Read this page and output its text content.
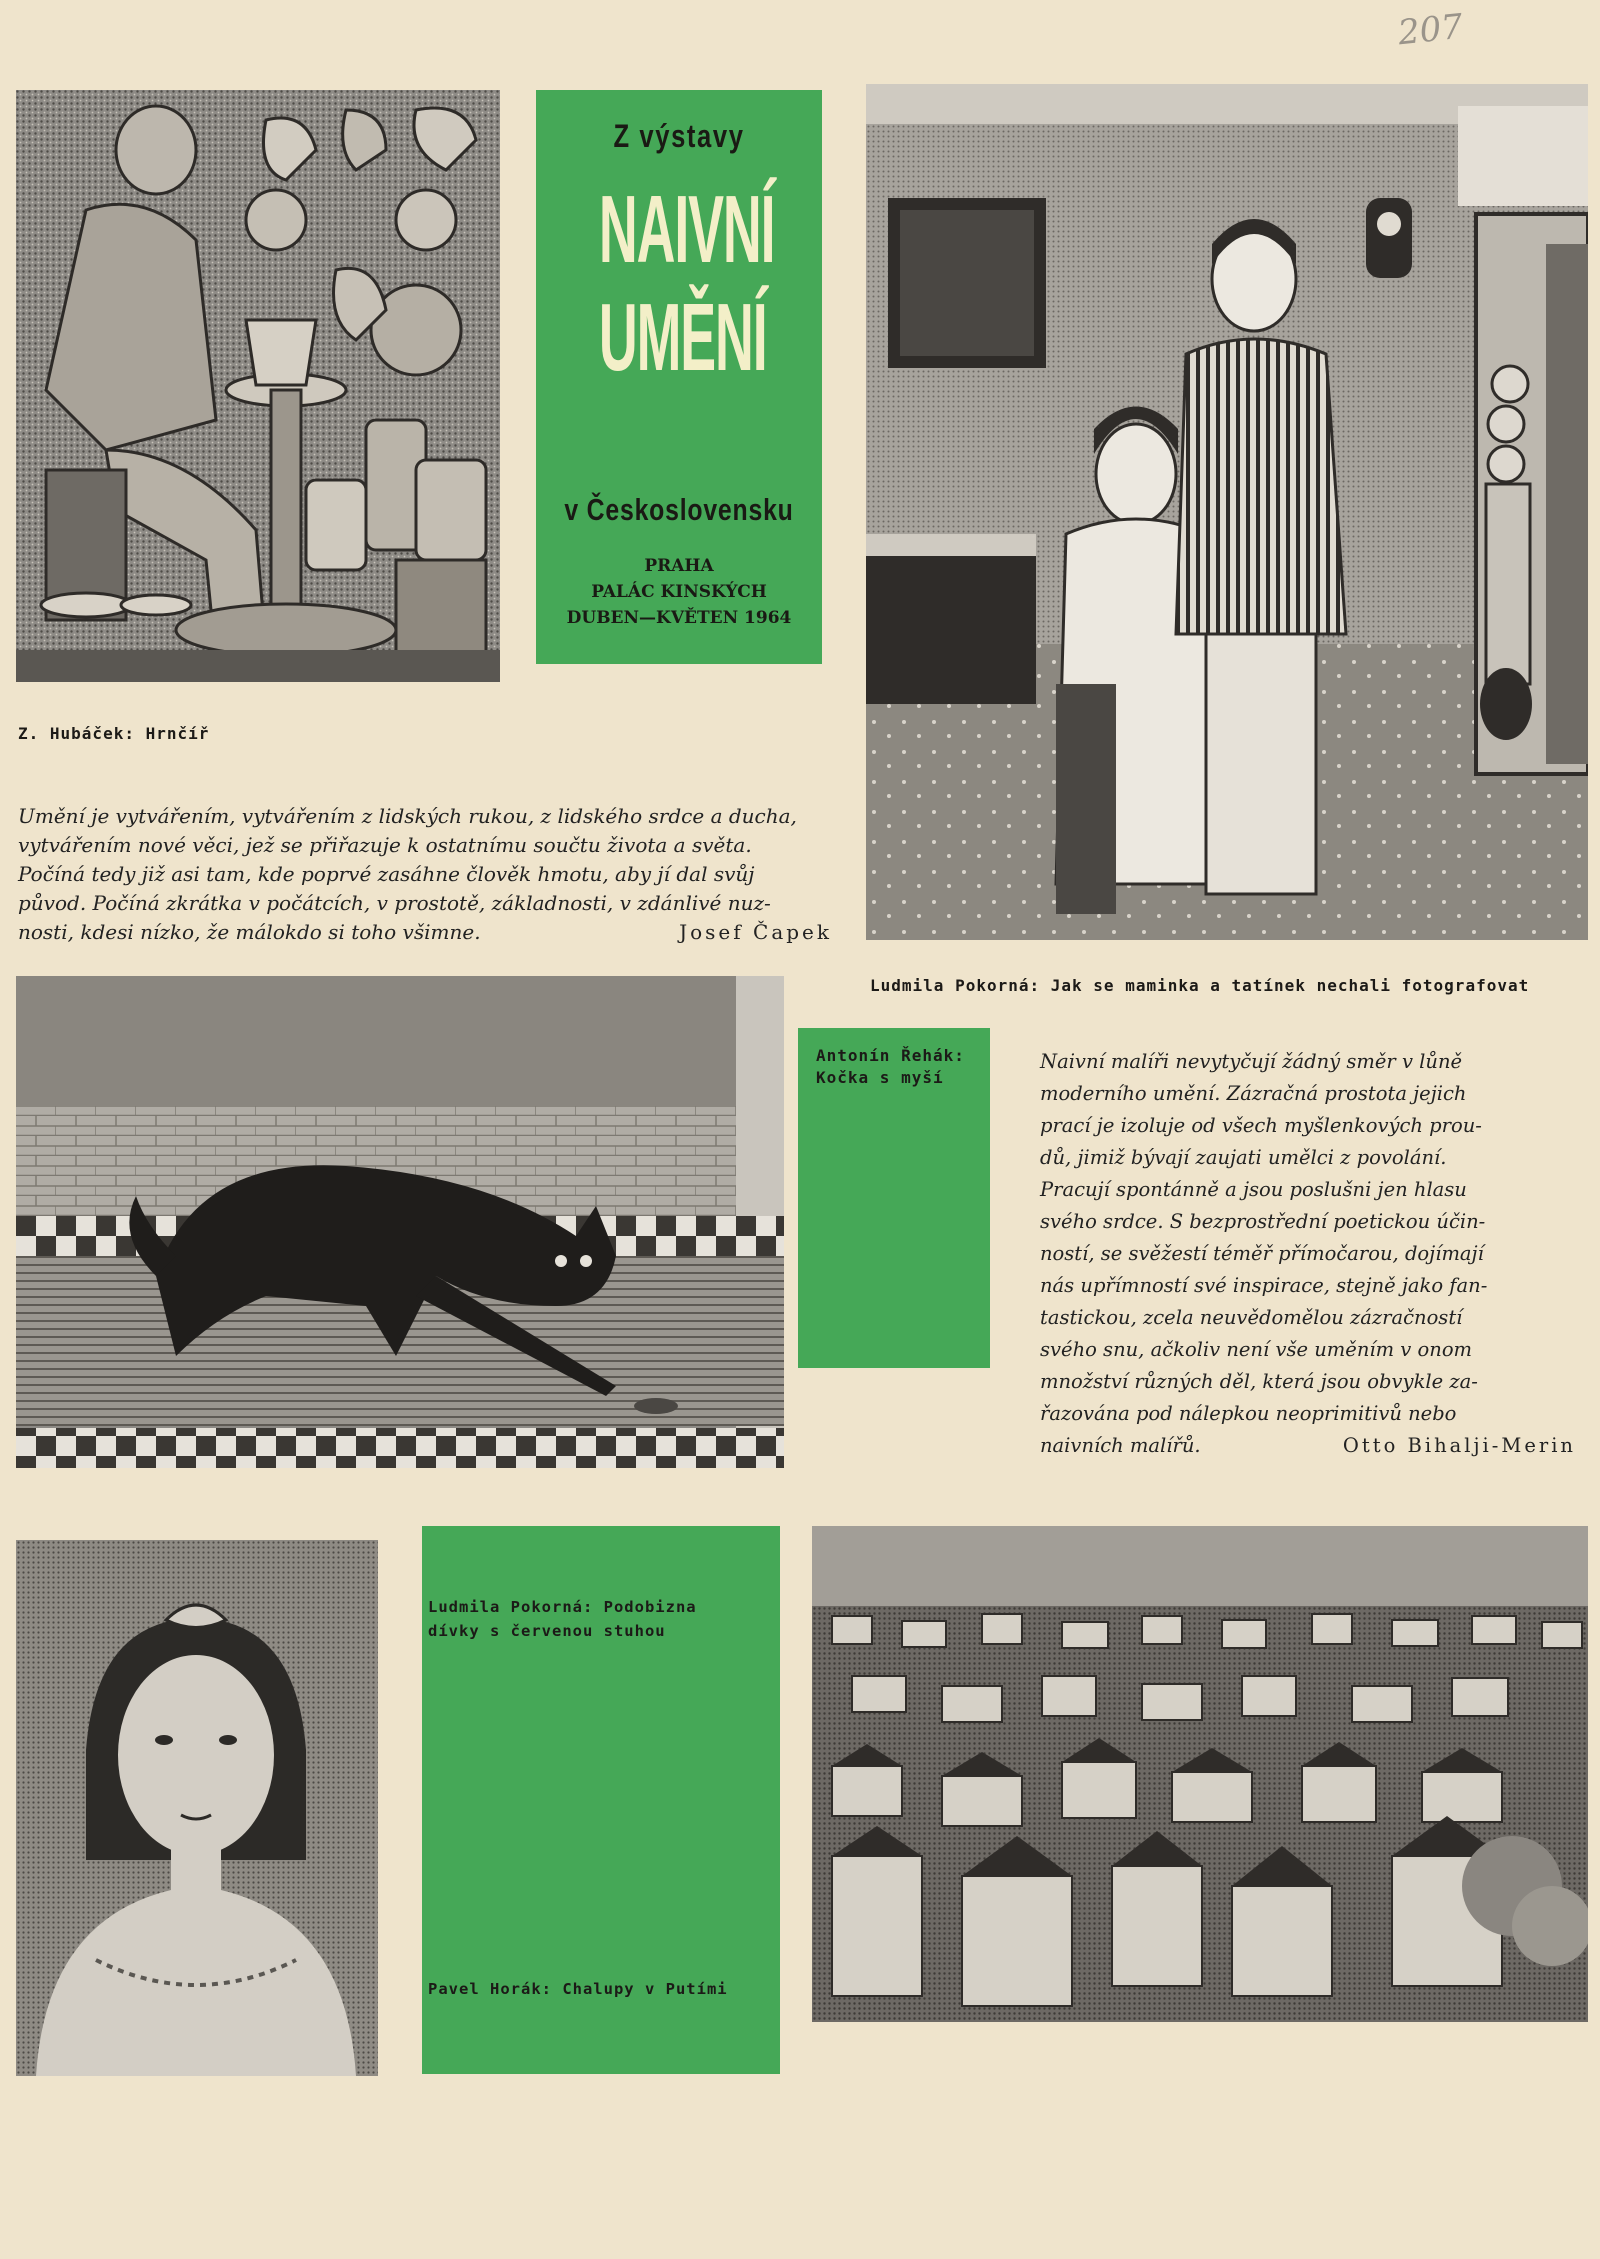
207
Z výstavy
NAIVNÍ
UMĚNÍ
v Československu
PRAHA
PALÁC KINSKÝCH
DUBEN—KVĚTEN 1964
Z. Hubáček: Hrnčíř
Umění je vytvářením, vytvářením z lidských rukou, z lidského srdce a ducha,
vytvářením nové věci, jež se přiřazuje k ostatnímu součtu života a světa.
Počíná tedy již asi tam, kde poprvé zasáhne člověk hmotu, aby jí dal svůj
původ. Počíná zkrátka v počátcích, v prostotě, základnosti, v zdánlivé nuz-
nosti, kdesi nízko, že málokdo si toho všimne.	Josef Čapek
Ludmila Pokorná: Jak se maminka a tatínek nechali fotografovat
Antonín Řehák:
Kočka s myší
Naivní malíři nevytyčují žádný směr v lůně
moderního umění. Zázračná prostota jejich
prací je izoluje od všech myšlenkových prou-
dů, jimiž bývají zaujati umělci z povolání.
Pracují spontánně a jsou poslušni jen hlasu
svého srdce. S bezprostřední poetickou účin-
ností, se svěžestí téměř přímočarou, dojímají
nás upřímností své inspirace, stejně jako fan-
tastickou, zcela neuvědomělou zázračností
svého snu, ačkoliv není vše uměním v onom
množství různých děl, která jsou obvykle za-
řazována pod nálepkou neoprimitivů nebo
naivních malířů.	Otto Bihalji-Merin
Ludmila Pokorná: Podobizna
dívky s červenou stuhou
Pavel Horák: Chalupy v Putími
